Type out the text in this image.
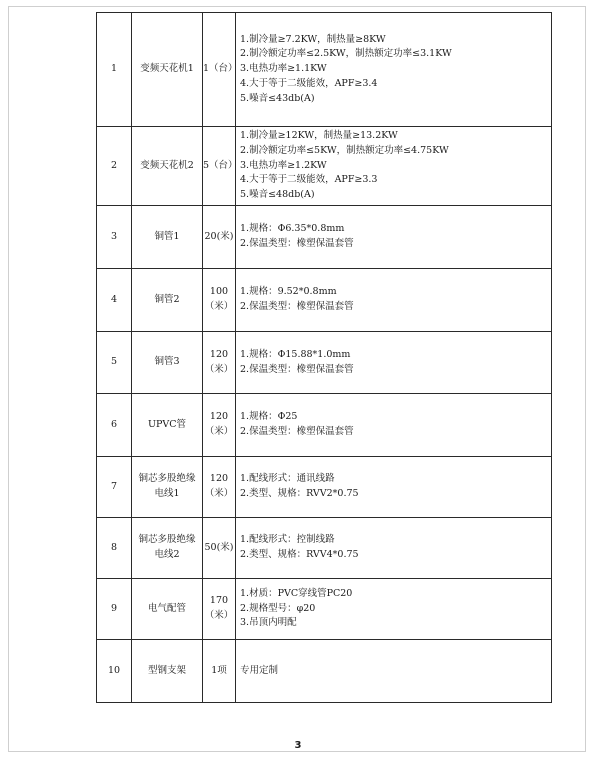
1	变频天花机1	1（台）	1.制冷量≥7.2KW，制热量≥8KW
2.制冷额定功率≤2.5KW，制热额定功率≤3.1KW
3.电热功率≥1.1KW
4.大于等于二级能效，APF≥3.4
5.噪音≤43db(A)

2	变频天花机2	5（台）	1.制冷量≥12KW，制热量≥13.2KW
2.制冷额定功率≤5KW，制热额定功率≤4.75KW
3.电热功率≥1.2KW
4.大于等于二级能效，APF≥3.3
5.噪音≤48db(A)

3	铜管1	20(米)	1.规格：Φ6.35*0.8mm
2.保温类型：橡塑保温套管

4	铜管2	100
（米）	1.规格：9.52*0.8mm
2.保温类型：橡塑保温套管

5	铜管3	120
（米）	1.规格：Φ15.88*1.0mm
2.保温类型：橡塑保温套管

6	UPVC管	120
（米）	1.规格：Φ25
2.保温类型：橡塑保温套管

7	铜芯多股绝缘
电线1	120
（米）	1.配线形式：通讯线路
2.类型、规格：RVV2*0.75

8	铜芯多股绝缘
电线2	50(米)	1.配线形式：控制线路
2.类型、规格：RVV4*0.75

9	电气配管	170
（米）	1.材质：PVC穿线管PC20
2.规格型号：φ20
3.吊顶内明配

10	型钢支架	1项	专用定制
3
